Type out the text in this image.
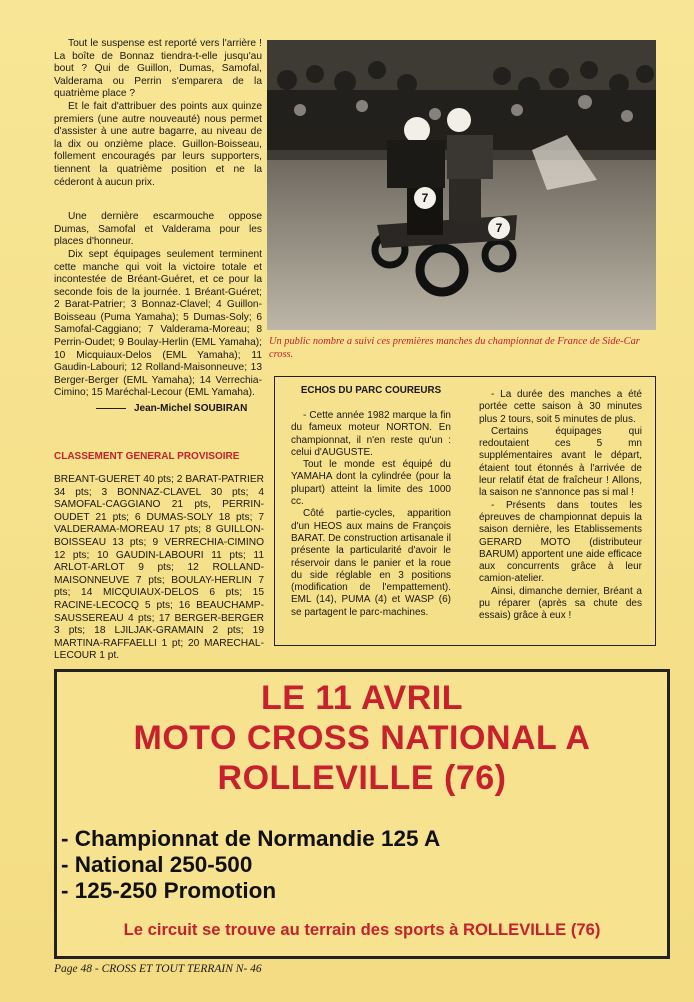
Tout le suspense est reporté vers l'arrière ! La boîte de Bonnaz tiendra-t-elle jusqu'au bout ? Qui de Guillon, Dumas, Samofal, Valderama ou Perrin s'emparera de la quatrième place ?

Et le fait d'attribuer des points aux quinze premiers (une autre nouveauté) nous permet d'assister à une autre bagarre, au niveau de la dix ou onzième place. Guillon-Boisseau, follement encouragés par leurs supporters, tiennent la quatrième position et ne la céderont à aucun prix.

Une dernière escarmouche oppose Dumas, Samofal et Valderama pour les places d'honneur.

Dix sept équipages seulement terminent cette manche qui voit la victoire totale et incontestée de Bréant-Guéret, et ce pour la seconde fois de la journée. 1 Bréant-Guéret; 2 Barat-Patrier; 3 Bonnaz-Clavel; 4 Guillon-Boisseau (Puma Yamaha); 5 Dumas-Soly; 6 Samofal-Caggiano; 7 Valderama-Moreau; 8 Perrin-Oudet; 9 Boulay-Herlin (EML Yamaha); 10 Micquiaux-Delos (EML Yamaha); 11 Gaudin-Labouri; 12 Rolland-Maisonneuve; 13 Berger-Berger (EML Yamaha); 14 Verrechia-Cimino; 15 Maréchal-Lecour (EML Yamaha).

Jean-Michel SOUBIRAN
CLASSEMENT GENERAL PROVISOIRE
BREANT-GUERET 40 pts; 2 BARAT-PATRIER 34 pts; 3 BONNAZ-CLAVEL 30 pts; 4 SAMOFAL-CAGGIANO 21 pts, PERRIN-OUDET 21 pts; 6 DUMAS-SOLY 18 pts; 7 VALDERAMA-MOREAU 17 pts; 8 GUILLON-BOISSEAU 13 pts; 9 VERRECHIA-CIMINO 12 pts; 10 GAUDIN-LABOURI 11 pts; 11 ARLOT-ARLOT 9 pts; 12 ROLLAND-MAISONNEUVE 7 pts; BOULAY-HERLIN 7 pts; 14 MICQUIAUX-DELOS 6 pts; 15 RACINE-LECOCQ 5 pts; 16 BEAUCHAMP-SAUSSEREAU 4 pts; 17 BERGER-BERGER 3 pts; 18 LJILJAK-GRAMAIN 2 pts; 19 MARTINA-RAFFAELLI 1 pt; 20 MARECHAL-LECOUR 1 pt.
7
7
Un public nombre a suivi ces premières manches du championnat de France de Side-Car cross.
ECHOS DU PARC COUREURS

- Cette année 1982 marque la fin du fameux moteur NORTON. En championnat, il n'en reste qu'un : celui d'AUGUSTE.

Tout le monde est équipé du YAMAHA dont la cylindrée (pour la plupart) atteint la limite des 1000 cc.

Côté partie-cycles, apparition d'un HEOS aux mains de François BARAT. De construction artisanale il présente la particularité d'avoir le réservoir dans le panier et la roue du side réglable en 3 positions (modification de l'empattement). EML (14), PUMA (4) et WASP (6) se partagent le parc-machines.

- La durée des manches a été portée cette saison à 30 minutes plus 2 tours, soit 5 minutes de plus.

Certains équipages qui redoutaient ces 5 mn supplémentaires avant le départ, étaient tout étonnés à l'arrivée de leur relatif état de fraîcheur ! Allons, la saison ne s'annonce pas si mal !

- Présents dans toutes les épreuves de championnat depuis la saison dernière, les Etablissements GERARD MOTO (distributeur BARUM) apportent une aide efficace aux concurrents grâce à leur camion-atelier.

Ainsi, dimanche dernier, Bréant a pu réparer (après sa chute des essais) grâce à eux !

LE 11 AVRIL
MOTO CROSS NATIONAL A
ROLLEVILLE (76)
- Championnat de Normandie 125 A
- National 250-500
- 125-250 Promotion
Le circuit se trouve au terrain des sports à ROLLEVILLE (76)
Page 48 - CROSS ET TOUT TERRAIN N- 46
